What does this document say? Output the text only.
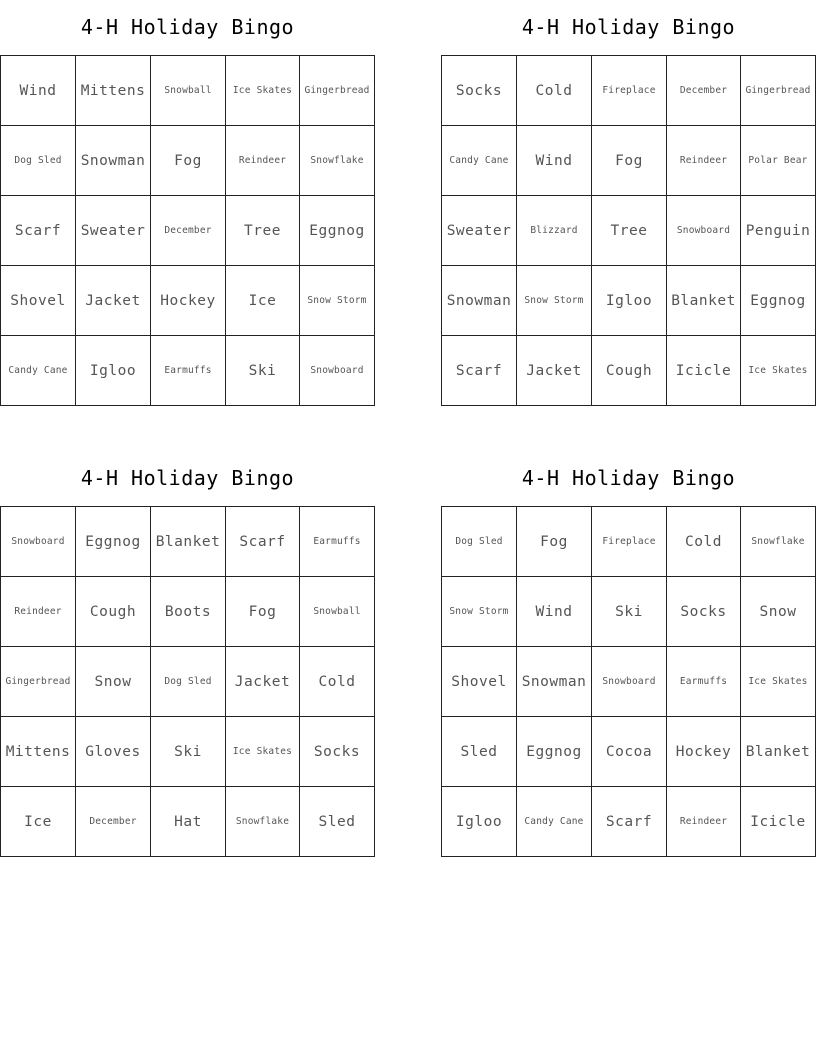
4-H Holiday Bingo
Wind	Mittens	Snowball	Ice Skates	Gingerbread
Dog Sled	Snowman	Fog	Reindeer	Snowflake
Scarf	Sweater	December	Tree	Eggnog
Shovel	Jacket	Hockey	Ice	Snow Storm
Candy Cane	Igloo	Earmuffs	Ski	Snowboard
4-H Holiday Bingo
Socks	Cold	Fireplace	December	Gingerbread
Candy Cane	Wind	Fog	Reindeer	Polar Bear
Sweater	Blizzard	Tree	Snowboard	Penguin
Snowman	Snow Storm	Igloo	Blanket	Eggnog
Scarf	Jacket	Cough	Icicle	Ice Skates
4-H Holiday Bingo
Snowboard	Eggnog	Blanket	Scarf	Earmuffs
Reindeer	Cough	Boots	Fog	Snowball
Gingerbread	Snow	Dog Sled	Jacket	Cold
Mittens	Gloves	Ski	Ice Skates	Socks
Ice	December	Hat	Snowflake	Sled
4-H Holiday Bingo
Dog Sled	Fog	Fireplace	Cold	Snowflake
Snow Storm	Wind	Ski	Socks	Snow
Shovel	Snowman	Snowboard	Earmuffs	Ice Skates
Sled	Eggnog	Cocoa	Hockey	Blanket
Igloo	Candy Cane	Scarf	Reindeer	Icicle
